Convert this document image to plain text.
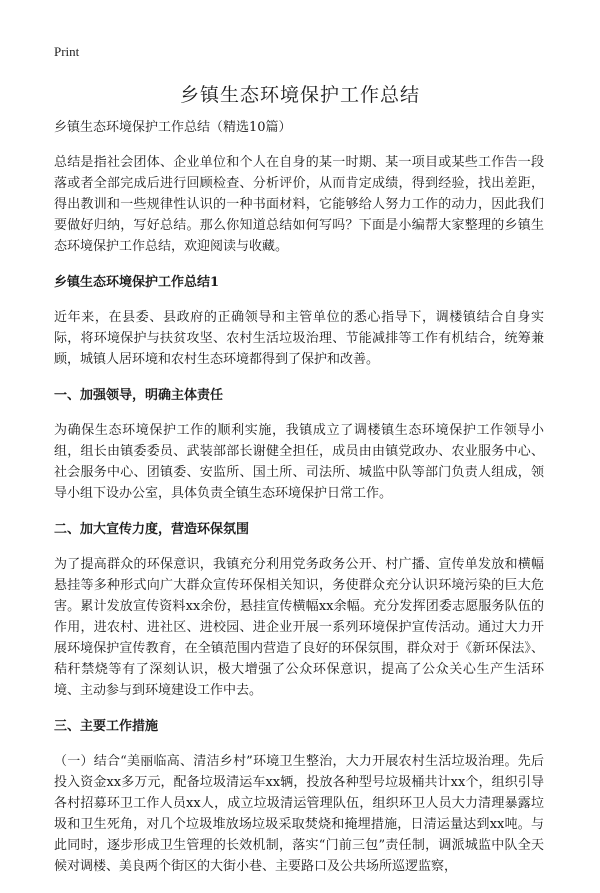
Print
乡镇生态环境保护工作总结

乡镇生态环境保护工作总结（精选10篇）

总结是指社会团体、企业单位和个人在自身的某一时期、某一项目或某些工作告一段落或者全部完成后进行回顾检查、分析评价，从而肯定成绩，得到经验，找出差距，得出教训和一些规律性认识的一种书面材料，它能够给人努力工作的动力，因此我们要做好归纳，写好总结。那么你知道总结如何写吗？下面是小编帮大家整理的乡镇生态环境保护工作总结，欢迎阅读与收藏。

乡镇生态环境保护工作总结1

近年来，在县委、县政府的正确领导和主管单位的悉心指导下，调楼镇结合自身实际，将环境保护与扶贫攻坚、农村生活垃圾治理、节能减排等工作有机结合，统筹兼顾，城镇人居环境和农村生态环境都得到了保护和改善。

一、加强领导，明确主体责任

为确保生态环境保护工作的顺利实施，我镇成立了调楼镇生态环境保护工作领导小组，组长由镇委委员、武装部部长谢健全担任，成员由由镇党政办、农业服务中心、社会服务中心、团镇委、安监所、国土所、司法所、城监中队等部门负责人组成，领导小组下设办公室，具体负责全镇生态环境保护日常工作。

二、加大宣传力度，营造环保氛围

为了提高群众的环保意识，我镇充分利用党务政务公开、村广播、宣传单发放和横幅悬挂等多种形式向广大群众宣传环保相关知识，务使群众充分认识环境污染的巨大危害。累计发放宣传资料xx余份，悬挂宣传横幅xx余幅。充分发挥团委志愿服务队伍的作用，进农村、进社区、进校园、进企业开展一系列环境保护宣传活动。通过大力开展环境保护宣传教育，在全镇范围内营造了良好的环保氛围，群众对于《新环保法》、秸秆禁烧等有了深刻认识，极大增强了公众环保意识，提高了公众关心生产生活环境、主动参与到环境建设工作中去。

三、主要工作措施

（一）结合“美丽临高、清洁乡村”环境卫生整治，大力开展农村生活垃圾治理。先后投入资金xx多万元，配备垃圾清运车xx辆，投放各种型号垃圾桶共计xx个，组织引导各村招募环卫工作人员xx人，成立垃圾清运管理队伍，组织环卫人员大力清理暴露垃圾和卫生死角，对几个垃圾堆放场垃圾采取焚烧和掩埋措施，日清运量达到xx吨。与此同时，逐步形成卫生管理的长效机制，落实“门前三包”责任制，调派城监中队全天候对调楼、美良两个街区的大街小巷、主要路口及公共场所巡逻监察，
